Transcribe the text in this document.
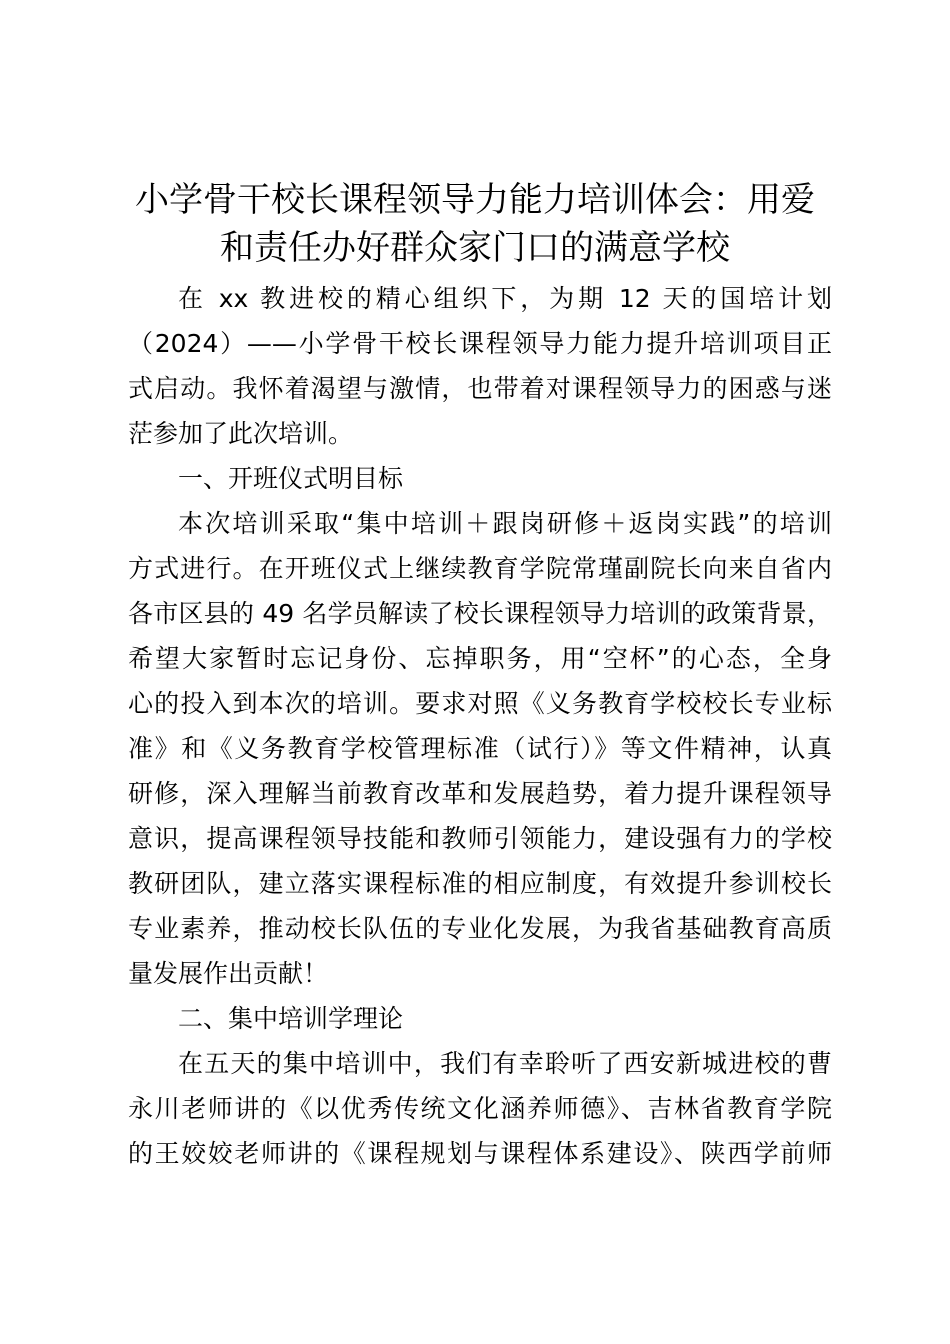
小学骨干校长课程领导力能力培训体会：用爱
和责任办好群众家门口的满意学校

在 xx 教进校的精心组织下，为期 12 天的国培计划

（2024）——小学骨干校长课程领导力能力提升培训项目正

式启动。我怀着渴望与激情，也带着对课程领导力的困惑与迷

茫参加了此次培训。

一、开班仪式明目标

本次培训采取“集中培训＋跟岗研修＋返岗实践”的培训

方式进行。在开班仪式上继续教育学院常瑾副院长向来自省内

各市区县的 49 名学员解读了校长课程领导力培训的政策背景，

希望大家暂时忘记身份、忘掉职务，用“空杯”的心态，全身

心的投入到本次的培训。要求对照《义务教育学校校长专业标

准》和《义务教育学校管理标准（试行）》等文件精神，认真

研修，深入理解当前教育改革和发展趋势，着力提升课程领导

意识，提高课程领导技能和教师引领能力，建设强有力的学校

教研团队，建立落实课程标准的相应制度，有效提升参训校长

专业素养，推动校长队伍的专业化发展，为我省基础教育高质

量发展作出贡献！

二、集中培训学理论

在五天的集中培训中，我们有幸聆听了西安新城进校的曹

永川老师讲的《以优秀传统文化涵养师德》、吉林省教育学院

的王姣姣老师讲的《课程规划与课程体系建设》、陕西学前师
